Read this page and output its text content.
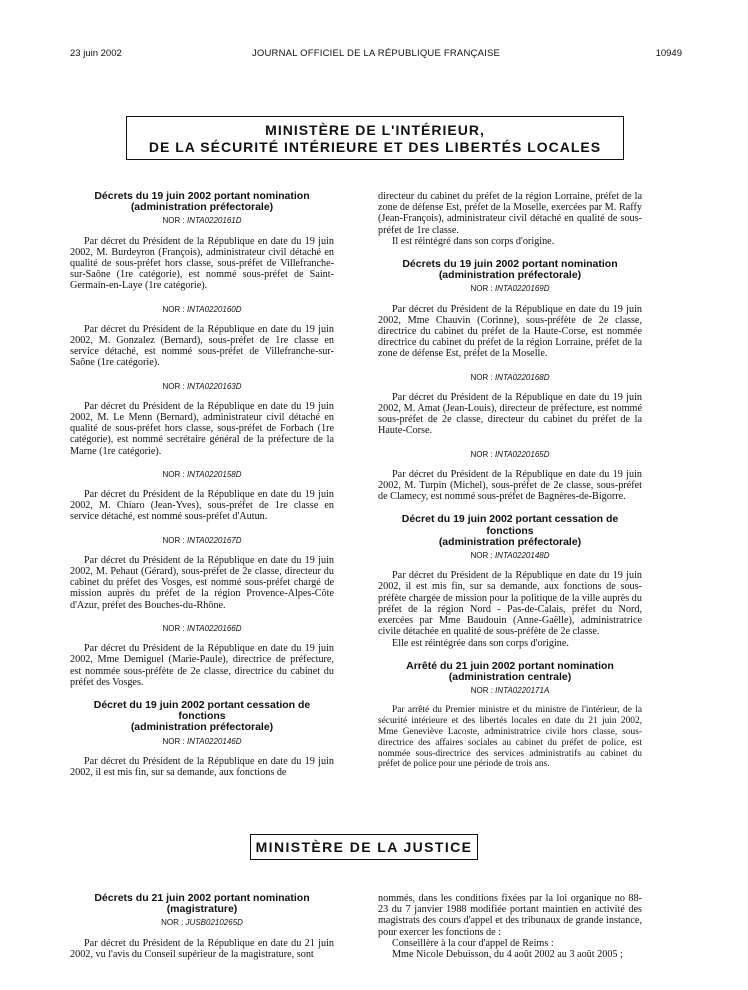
23 juin 2002	JOURNAL OFFICIEL DE LA RÉPUBLIQUE FRANÇAISE	10949
MINISTÈRE DE L'INTÉRIEUR,
DE LA SÉCURITÉ INTÉRIEURE ET DES LIBERTÉS LOCALES
Décrets du 19 juin 2002 portant nomination
(administration préfectorale)
NOR : INTA0220161D

Par décret du Président de la République en date du 19 juin 2002, M. Burdeyron (François), administrateur civil détaché en qualité de sous-préfet hors classe, sous-préfet de Villefranche-sur-Saône (1re catégorie), est nommé sous-préfet de Saint-Germain-en-Laye (1re catégorie).

NOR : INTA0220160D

Par décret du Président de la République en date du 19 juin 2002, M. Gonzalez (Bernard), sous-préfet de 1re classe en service détaché, est nommé sous-préfet de Villefranche-sur-Saône (1re catégorie).

NOR : INTA0220163D

Par décret du Président de la République en date du 19 juin 2002, M. Le Menn (Bernard), administrateur civil détaché en qualité de sous-préfet hors classe, sous-préfet de Forbach (1re catégorie), est nommé secrétaire général de la préfecture de la Marne (1re catégorie).

NOR : INTA0220158D

Par décret du Président de la République en date du 19 juin 2002, M. Chiaro (Jean-Yves), sous-préfet de 1re classe en service détaché, est nommé sous-préfet d'Autun.

NOR : INTA0220167D

Par décret du Président de la République en date du 19 juin 2002, M. Pehaut (Gérard), sous-préfet de 2e classe, directeur du cabinet du préfet des Vosges, est nommé sous-préfet chargé de mission auprès du préfet de la région Provence-Alpes-Côte d'Azur, préfet des Bouches-du-Rhône.

NOR : INTA0220166D

Par décret du Président de la République en date du 19 juin 2002, Mme Demiguel (Marie-Paule), directrice de préfecture, est nommée sous-préfète de 2e classe, directrice du cabinet du préfet des Vosges.

Décret du 19 juin 2002 portant cessation de fonctions
(administration préfectorale)
NOR : INTA0220146D

Par décret du Président de la République en date du 19 juin 2002, il est mis fin, sur sa demande, aux fonctions de

directeur du cabinet du préfet de la région Lorraine, préfet de la zone de défense Est, préfet de la Moselle, exercées par M. Raffy (Jean-François), administrateur civil détaché en qualité de sous-préfet de 1re classe.

Il est réintégré dans son corps d'origine.

Décrets du 19 juin 2002 portant nomination
(administration préfectorale)
NOR : INTA0220169D

Par décret du Président de la République en date du 19 juin 2002, Mme Chauvin (Corinne), sous-préfète de 2e classe, directrice du cabinet du préfet de la Haute-Corse, est nommée directrice du cabinet du préfet de la région Lorraine, préfet de la zone de défense Est, préfet de la Moselle.

NOR : INTA0220168D

Par décret du Président de la République en date du 19 juin 2002, M. Amat (Jean-Louis), directeur de préfecture, est nommé sous-préfet de 2e classe, directeur du cabinet du préfet de la Haute-Corse.

NOR : INTA0220165D

Par décret du Président de la République en date du 19 juin 2002, M. Turpin (Michel), sous-préfet de 2e classe, sous-préfet de Clamecy, est nommé sous-préfet de Bagnères-de-Bigorre.

Décret du 19 juin 2002 portant cessation de fonctions
(administration préfectorale)
NOR : INTA0220148D

Par décret du Président de la République en date du 19 juin 2002, il est mis fin, sur sa demande, aux fonctions de sous-préfète chargée de mission pour la politique de la ville auprès du préfet de la région Nord - Pas-de-Calais, préfet du Nord, exercées par Mme Baudouin (Anne-Gaëlle), administratrice civile détachée en qualité de sous-préfète de 2e classe.

Elle est réintégrée dans son corps d'origine.

Arrêté du 21 juin 2002 portant nomination
(administration centrale)
NOR : INTA0220171A

Par arrêté du Premier ministre et du ministre de l'intérieur, de la sécurité intérieure et des libertés locales en date du 21 juin 2002, Mme Geneviève Lacoste, administratrice civile hors classe, sous-directrice des affaires sociales au cabinet du préfet de police, est nommée sous-directrice des services administratifs au cabinet du préfet de police pour une période de trois ans.

MINISTÈRE DE LA JUSTICE
Décrets du 21 juin 2002 portant nomination
(magistrature)
NOR : JUSB0210265D

Par décret du Président de la République en date du 21 juin 2002, vu l'avis du Conseil supérieur de la magistrature, sont

nommés, dans les conditions fixées par la loi organique no 88-23 du 7 janvier 1988 modifiée portant maintien en activité des magistrats des cours d'appel et des tribunaux de grande instance, pour exercer les fonctions de :

Conseillère à la cour d'appel de Reims :

Mme Nicole Debuisson, du 4 août 2002 au 3 août 2005 ;
